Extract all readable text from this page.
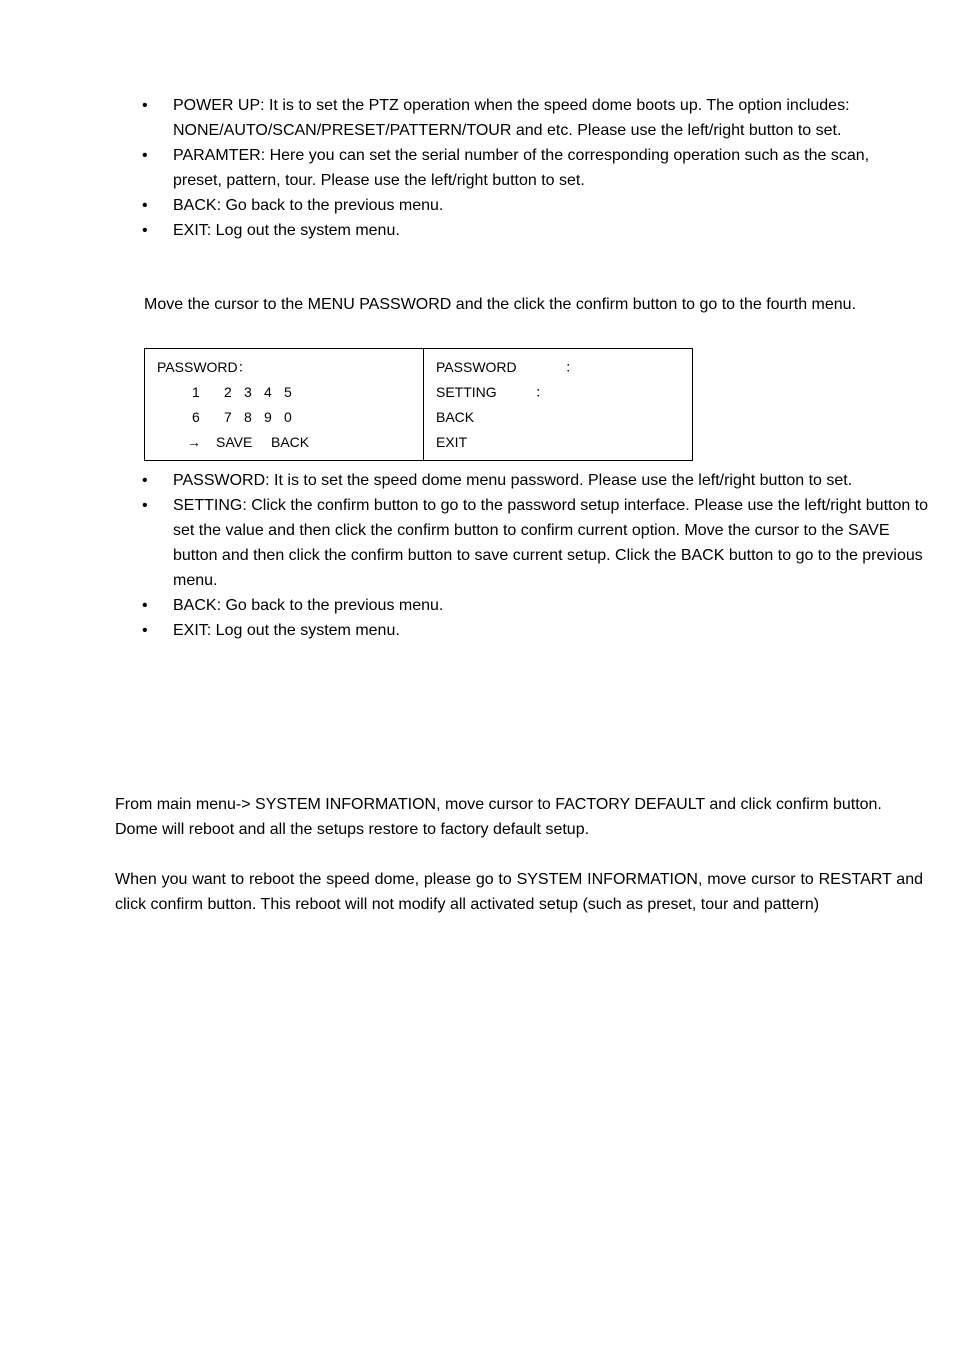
• POWER UP: It is to set the PTZ operation when the speed dome boots up. The option includes: NONE/AUTO/SCAN/PRESET/PATTERN/TOUR and etc. Please use the left/right button to set.
• PARAMTER: Here you can set the serial number of the corresponding operation such as the scan, preset, pattern, tour. Please use the left/right button to set.
• BACK: Go back to the previous menu.
• EXIT: Log out the system menu.

Move the cursor to the MENU PASSWORD and the click the confirm button to go to the fourth menu.

PASSWORD：
1 2 3 4 5
6 7 8 9 0
→ SAVE BACK
PASSWORD	：
SETTING	：
BACK
EXIT
• PASSWORD: It is to set the speed dome menu password. Please use the left/right button to set.
• SETTING: Click the confirm button to go to the password setup interface. Please use the left/right button to set the value and then click the confirm button to confirm current option. Move the cursor to the SAVE button and then click the confirm button to save current setup. Click the BACK button to go to the previous menu.
• BACK: Go back to the previous menu.
• EXIT: Log out the system menu.

From main menu-> SYSTEM INFORMATION, move cursor to FACTORY DEFAULT and click confirm button. Dome will reboot and all the setups restore to factory default setup.

When you want to reboot the speed dome, please go to SYSTEM INFORMATION, move cursor to RESTART and click confirm button. This reboot will not modify all activated setup (such as preset, tour and pattern)
